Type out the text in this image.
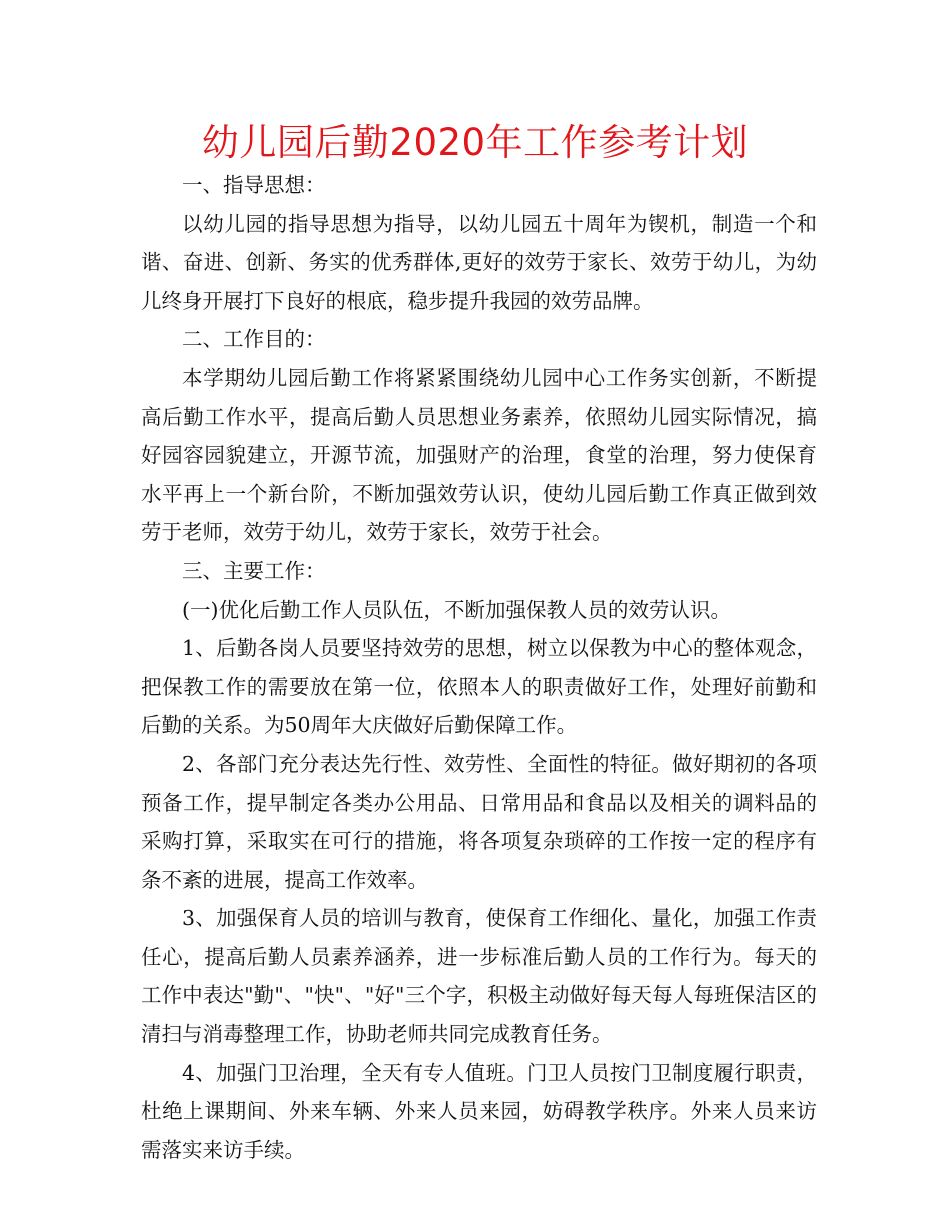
幼儿园后勤2020年工作参考计划

一、指导思想：

以幼儿园的指导思想为指导，以幼儿园五十周年为锲机，制造一个和谐、奋进、创新、务实的优秀群体,更好的效劳于家长、效劳于幼儿，为幼儿终身开展打下良好的根底，稳步提升我园的效劳品牌。

二、工作目的：

本学期幼儿园后勤工作将紧紧围绕幼儿园中心工作务实创新，不断提高后勤工作水平，提高后勤人员思想业务素养，依照幼儿园实际情况，搞好园容园貌建立，开源节流，加强财产的治理，食堂的治理，努力使保育水平再上一个新台阶，不断加强效劳认识，使幼儿园后勤工作真正做到效劳于老师，效劳于幼儿，效劳于家长，效劳于社会。

三、主要工作：

(一)优化后勤工作人员队伍，不断加强保教人员的效劳认识。

1、后勤各岗人员要坚持效劳的思想，树立以保教为中心的整体观念，把保教工作的需要放在第一位，依照本人的职责做好工作，处理好前勤和后勤的关系。为50周年大庆做好后勤保障工作。

2、各部门充分表达先行性、效劳性、全面性的特征。做好期初的各项预备工作，提早制定各类办公用品、日常用品和食品以及相关的调料品的采购打算，采取实在可行的措施，将各项复杂琐碎的工作按一定的程序有条不紊的进展，提高工作效率。

3、加强保育人员的培训与教育，使保育工作细化、量化，加强工作责任心，提高后勤人员素养涵养，进一步标准后勤人员的工作行为。每天的工作中表达"勤"、"快"、"好"三个字，积极主动做好每天每人每班保洁区的清扫与消毒整理工作，协助老师共同完成教育任务。

4、加强门卫治理，全天有专人值班。门卫人员按门卫制度履行职责，杜绝上课期间、外来车辆、外来人员来园，妨碍教学秩序。外来人员来访需落实来访手续。
